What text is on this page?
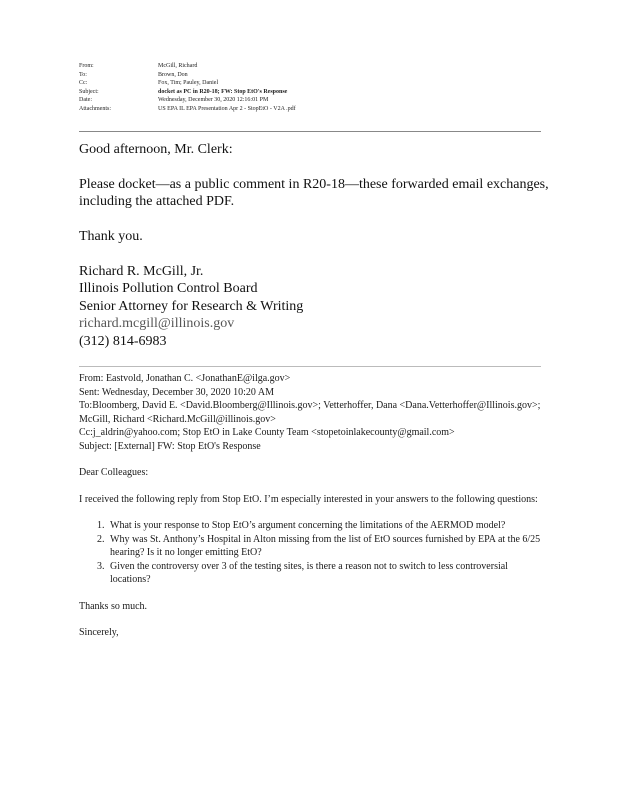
From:	McGill, Richard
To:	Brown, Don
Cc:	Fox, Tim; Pauley, Daniel
Subject:	docket as PC in R20-18; FW: Stop EtO's Response
Date:	Wednesday, December 30, 2020 12:16:01 PM
Attachments:	US EPA IL EPA Presentation Apr 2 - StopEtO - V2A .pdf

Good afternoon, Mr. Clerk:

Please docket—as a public comment in R20-18—these forwarded email exchanges, including the attached PDF.

Thank you.

Richard R. McGill, Jr.
Illinois Pollution Control Board
Senior Attorney for Research & Writing
richard.mcgill@illinois.gov
(312) 814-6983

From: Eastvold, Jonathan C. <JonathanE@ilga.gov>

Sent: Wednesday, December 30, 2020 10:20 AM

To:Bloomberg, David E. <David.Bloomberg@Illinois.gov>; Vetterhoffer, Dana <Dana.Vetterhoffer@Illinois.gov>; McGill, Richard <Richard.McGill@illinois.gov>

Cc:j_aldrin@yahoo.com; Stop EtO in Lake County Team <stopetoinlakecounty@gmail.com>

Subject: [External] FW: Stop EtO's Response

Dear Colleagues:

I received the following reply from Stop EtO. I’m especially interested in your answers to the following questions:

1. What is your response to Stop EtO’s argument concerning the limitations of the AERMOD model?
2. Why was St. Anthony’s Hospital in Alton missing from the list of EtO sources furnished by EPA at the 6/25 hearing? Is it no longer emitting EtO?
3. Given the controversy over 3 of the testing sites, is there a reason not to switch to less controversial locations?

Thanks so much.

Sincerely,
